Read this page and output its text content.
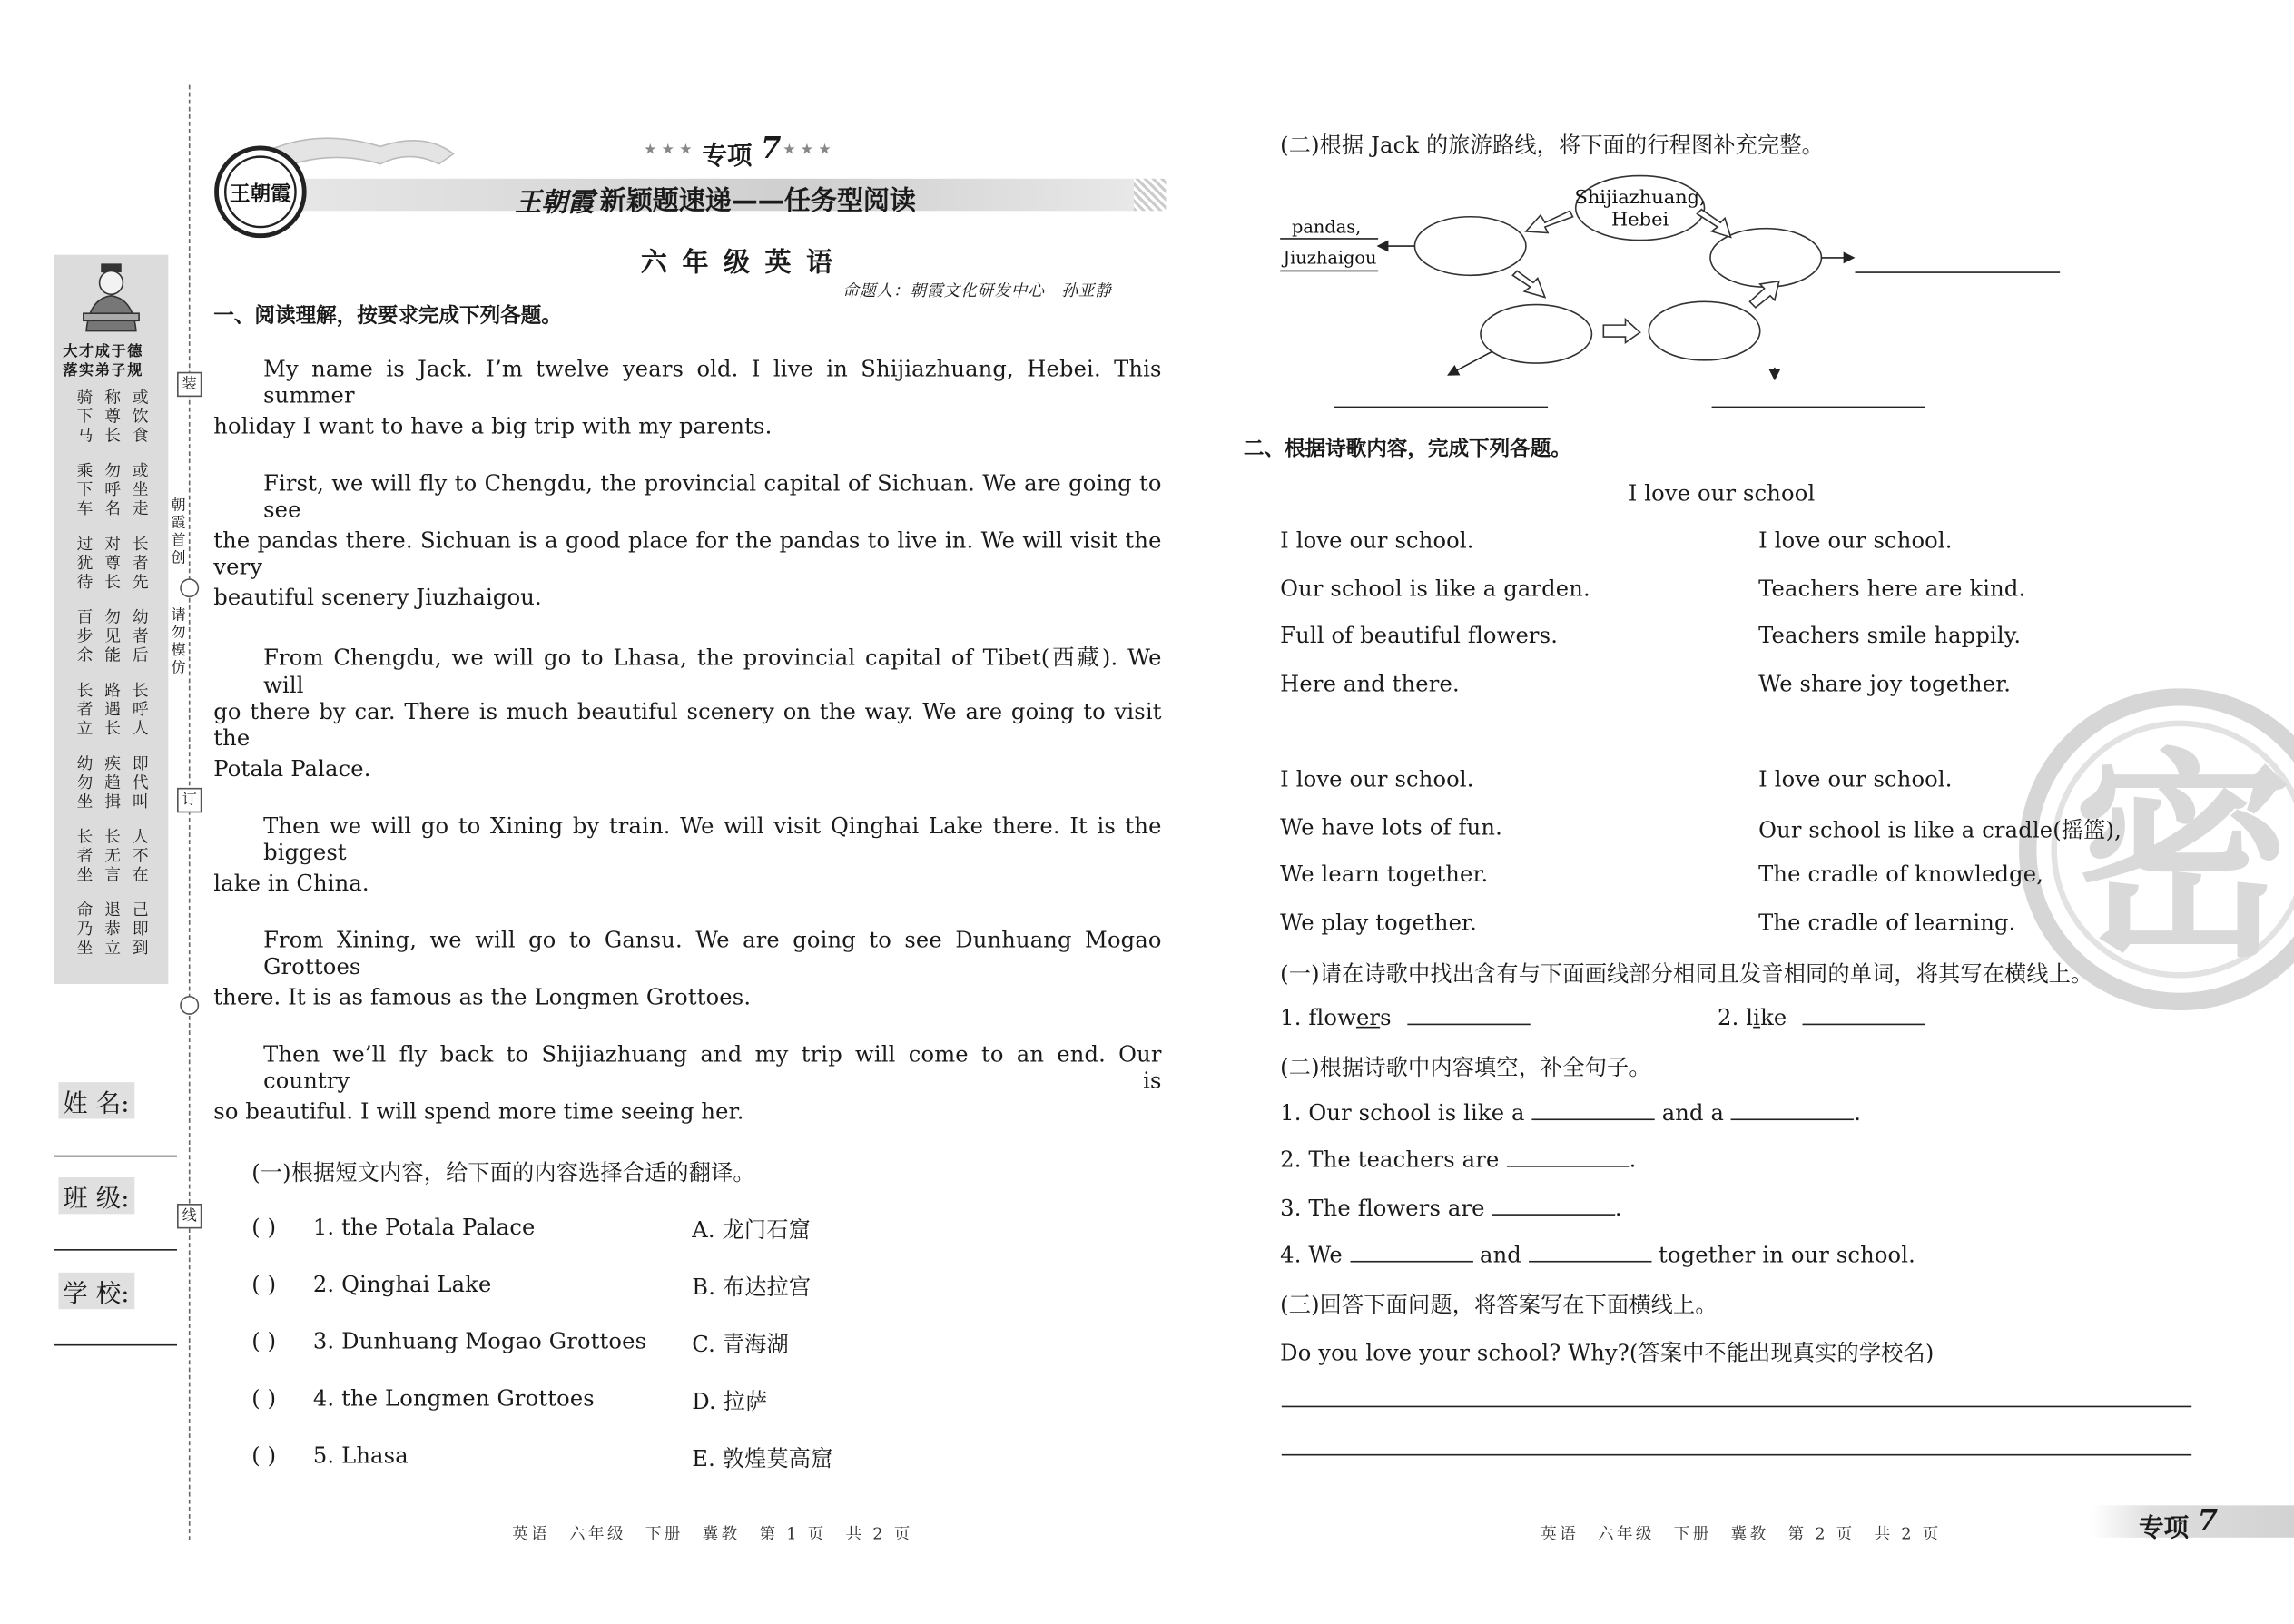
密
装
订
线
朝霞首创
请勿模仿
大才成于德
落实弟子规
骑下马
称尊长
或饮食
乘下车
勿呼名
或坐走
过犹待
对尊长
长者先
百步余
勿见能
幼者后
长者立
路遇长
长呼人
幼勿坐
疾趋揖
即代叫
长者坐
长无言
人不在
命乃坐
退恭立
己即到
姓 名:
班 级:
学 校:
王朝霞
★ ★ ★ 专项 7 ★ ★ ★
王朝霞 新颖题速递——任务型阅读
六 年 级 英 语
命题人：朝霞文化研发中心　孙亚静
一、阅读理解，按要求完成下列各题。
My name is Jack. I’m twelve years old. I live in Shijiazhuang, Hebei. This summer
holiday I want to have a big trip with my parents.
First, we will fly to Chengdu, the provincial capital of Sichuan. We are going to see
the pandas there. Sichuan is a good place for the pandas to live in. We will visit the very
beautiful scenery Jiuzhaigou.
From Chengdu, we will go to Lhasa, the provincial capital of Tibet(西藏). We will
go there by car. There is much beautiful scenery on the way. We are going to visit the
Potala Palace.
Then we will go to Xining by train. We will visit Qinghai Lake there. It is the biggest
lake in China.
From Xining, we will go to Gansu. We are going to see Dunhuang Mogao Grottoes
there. It is as famous as the Longmen Grottoes.
Then we’ll fly back to Shijiazhuang and my trip will come to an end. Our country is
so beautiful. I will spend more time seeing her.
(一)根据短文内容，给下面的内容选择合适的翻译。
( )	1. the Potala Palace	A. 龙门石窟
( )	2. Qinghai Lake	B. 布达拉宫
( )	3. Dunhuang Mogao Grottoes	C. 青海湖
( )	4. the Longmen Grottoes	D. 拉萨
( )	5. Lhasa	E. 敦煌莫高窟
(二)根据 Jack 的旅游路线，将下面的行程图补充完整。
Shijiazhuang,
Hebei
pandas,
Jiuzhaigou
二、根据诗歌内容，完成下列各题。
I love our school
I love our school.
Our school is like a garden.
Full of beautiful flowers.
Here and there.
I love our school.
Teachers here are kind.
Teachers smile happily.
We share joy together.
I love our school.
We have lots of fun.
We learn together.
We play together.
I love our school.
Our school is like a cradle(摇篮),
The cradle of knowledge,
The cradle of learning.
(一)请在诗歌中找出含有与下面画线部分相同且发音相同的单词，将其写在横线上。
1. flowers	2. like
(二)根据诗歌中内容填空，补全句子。
1. Our school is like a	and a	.
2. The teachers are	.
3. The flowers are	.
4. We	and	together in our school.
(三)回答下面问题，将答案写在下面横线上。
Do you love your school? Why?(答案中不能出现真实的学校名)
英语　六年级　下册　冀教　第 1 页　共 2 页	英语　六年级　下册　冀教　第 2 页　共 2 页	专项 7
